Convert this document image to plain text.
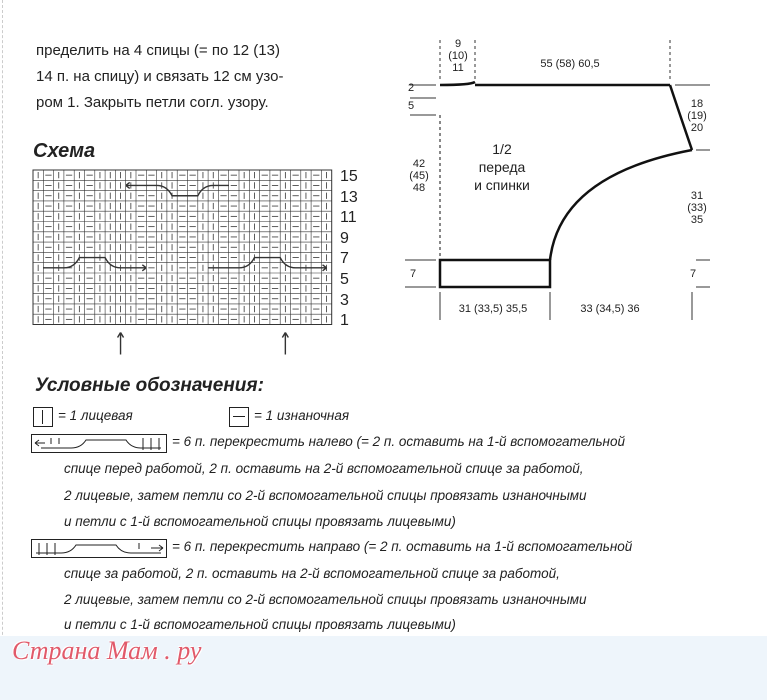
пределить на 4 спицы (= по 12 (13)
14 п. на спицу) и связать 12 см узо-
ром 1. Закрыть петли согл. узору.
Схема
15
13
11
9
7
5
3
1
9
(10)
11	55 (58) 60,5
2
5	18
(19)
20
1/2
переда
и спинки
42
(45)
48
31
(33)
35
7	7
31 (33,5) 35,5	33 (34,5) 36
Условные обозначения:
= 1 лицевая	= 1 изнаночная
= 6 п. перекрестить налево (= 2 п. оставить на 1-й вспомогательной
спице перед работой, 2 п. оставить на 2-й вспомогательной спице за работой,
2 лицевые, затем петли со 2-й вспомогательной спицы провязать изнаночными
и петли с 1-й вспомогательной спицы провязать лицевыми)
= 6 п. перекрестить направо (= 2 п. оставить на 1-й вспомогательной
спице за работой, 2 п. оставить на 2-й вспомогательной спице за работой,
2 лицевые, затем петли со 2-й вспомогательной спицы провязать изнаночными
и петли с 1-й вспомогательной спицы провязать лицевыми)
Страна Мам . ру
